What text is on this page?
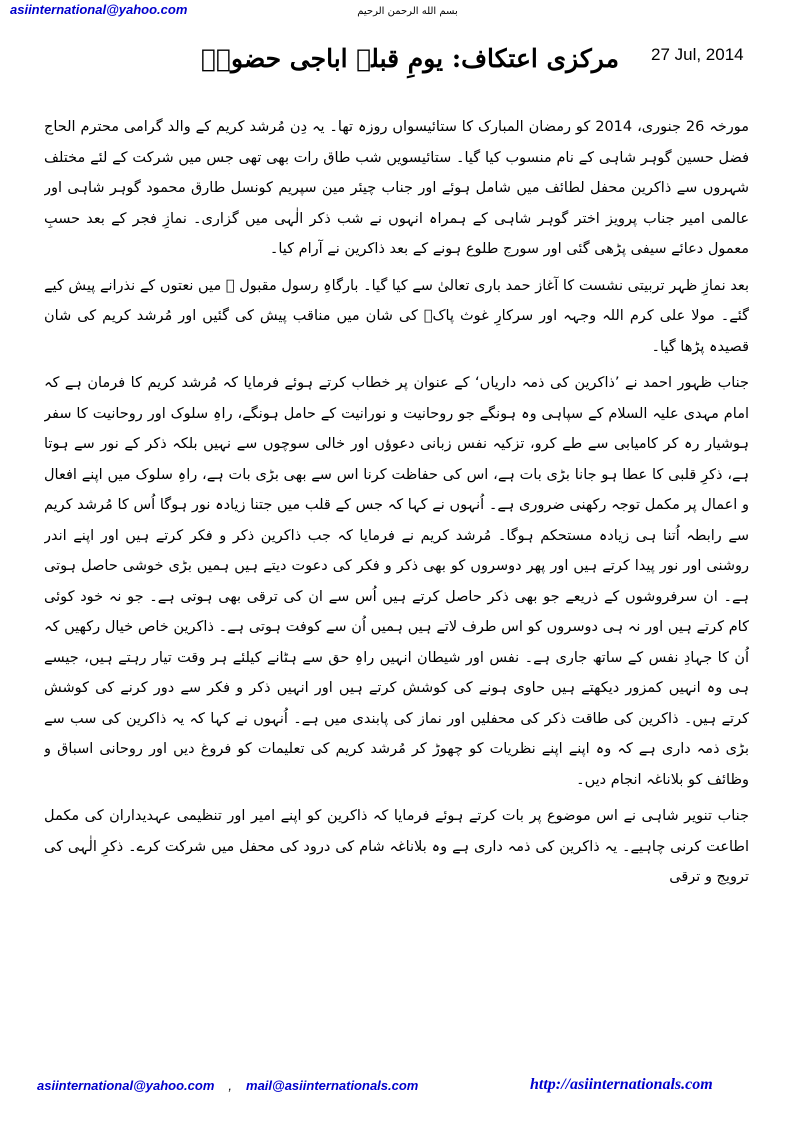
asiinternational@yahoo.com	بسم الله الرحمن الرحيم
27 Jul, 2014
مرکزی اعتکاف: یومِ قبلہ اباجی حضورؒ

مورخہ 26 جنوری، 2014 کو رمضان المبارک کا ستائیسواں روزہ تھا۔ یہ دِن مُرشد کریم کے والد گرامی محترم الحاج فضل حسین گوہر شاہی کے نام منسوب کیا گیا۔ ستائیسویں شب طاق رات بھی تھی جس میں شرکت کے لئے مختلف شہروں سے ذاکرین محفل لطائف میں شامل ہوئے اور جناب چیئر مین سپریم کونسل طارق محمود گوہر شاہی اور عالمی امیر جناب پرویز اختر گوہر شاہی کے ہمراہ انہوں نے شب ذکر الٰہی میں گزاری۔ نمازِ فجر کے بعد حسبِ معمول دعائے سیفی پڑھی گئی اور سورج طلوع ہونے کے بعد ذاکرین نے آرام کیا۔

بعد نمازِ ظہر تربیتی نشست کا آغاز حمد باری تعالیٰ سے کیا گیا۔ بارگاہِ رسول مقبول ﷺ میں نعتوں کے نذرانے پیش کیے گئے۔ مولا علی کرم اللہ وجہہ اور سرکارِ غوث پاکؓ کی شان میں مناقب پیش کی گئیں اور مُرشد کریم کی شان قصیدہ پڑھا گیا۔

جناب ظہور احمد نے ’ذاکرین کی ذمہ داریاں‘ کے عنوان پر خطاب کرتے ہوئے فرمایا کہ مُرشد کریم کا فرمان ہے کہ امام مہدی علیہ السلام کے سپاہی وہ ہونگے جو روحانیت و نورانیت کے حامل ہونگے، راہِ سلوک اور روحانیت کا سفر ہوشیار رہ کر کامیابی سے طے کرو، تزکیہ نفس زبانی دعوؤں اور خالی سوچوں سے نہیں بلکہ ذکر کے نور سے ہوتا ہے، ذکرِ قلبی کا عطا ہو جانا بڑی بات ہے، اس کی حفاظت کرنا اس سے بھی بڑی بات ہے، راہِ سلوک میں اپنے افعال و اعمال پر مکمل توجہ رکھنی ضروری ہے۔ اُنہوں نے کہا کہ جس کے قلب میں جتنا زیادہ نور ہوگا اُس کا مُرشد کریم سے رابطہ اُتنا ہی زیادہ مستحکم ہوگا۔ مُرشد کریم نے فرمایا کہ جب ذاکرین ذکر و فکر کرتے ہیں اور اپنے اندر روشنی اور نور پیدا کرتے ہیں اور پھر دوسروں کو بھی ذکر و فکر کی دعوت دیتے ہیں ہمیں بڑی خوشی حاصل ہوتی ہے۔ ان سرفروشوں کے ذریعے جو بھی ذکر حاصل کرتے ہیں اُس سے ان کی ترقی بھی ہوتی ہے۔ جو نہ خود کوئی کام کرتے ہیں اور نہ ہی دوسروں کو اس طرف لاتے ہیں ہمیں اُن سے کوفت ہوتی ہے۔ ذاکرین خاص خیال رکھیں کہ اُن کا جہادِ نفس کے ساتھ جاری ہے۔ نفس اور شیطان انہیں راہِ حق سے ہٹانے کیلئے ہر وقت تیار رہتے ہیں، جیسے ہی وہ انہیں کمزور دیکھتے ہیں حاوی ہونے کی کوشش کرتے ہیں اور انہیں ذکر و فکر سے دور کرنے کی کوشش کرتے ہیں۔ ذاکرین کی طاقت ذکر کی محفلیں اور نماز کی پابندی میں ہے۔ اُنہوں نے کہا کہ یہ ذاکرین کی سب سے بڑی ذمہ داری ہے کہ وہ اپنے اپنے نظریات کو چھوڑ کر مُرشد کریم کی تعلیمات کو فروغ دیں اور روحانی اسباق و وظائف کو بلاناغہ انجام دیں۔

جناب تنویر شاہی نے اس موضوع پر بات کرتے ہوئے فرمایا کہ ذاکرین کو اپنے امیر اور تنظیمی عہدیداران کی مکمل اطاعت کرنی چاہیے۔ یہ ذاکرین کی ذمہ داری ہے وہ بلاناغہ شام کی درود کی محفل میں شرکت کرے۔ ذکرِ الٰہی کی ترویج و ترقی

asiinternational@yahoo.com , mail@asiinternationals.com	http://asiinternationals.com
